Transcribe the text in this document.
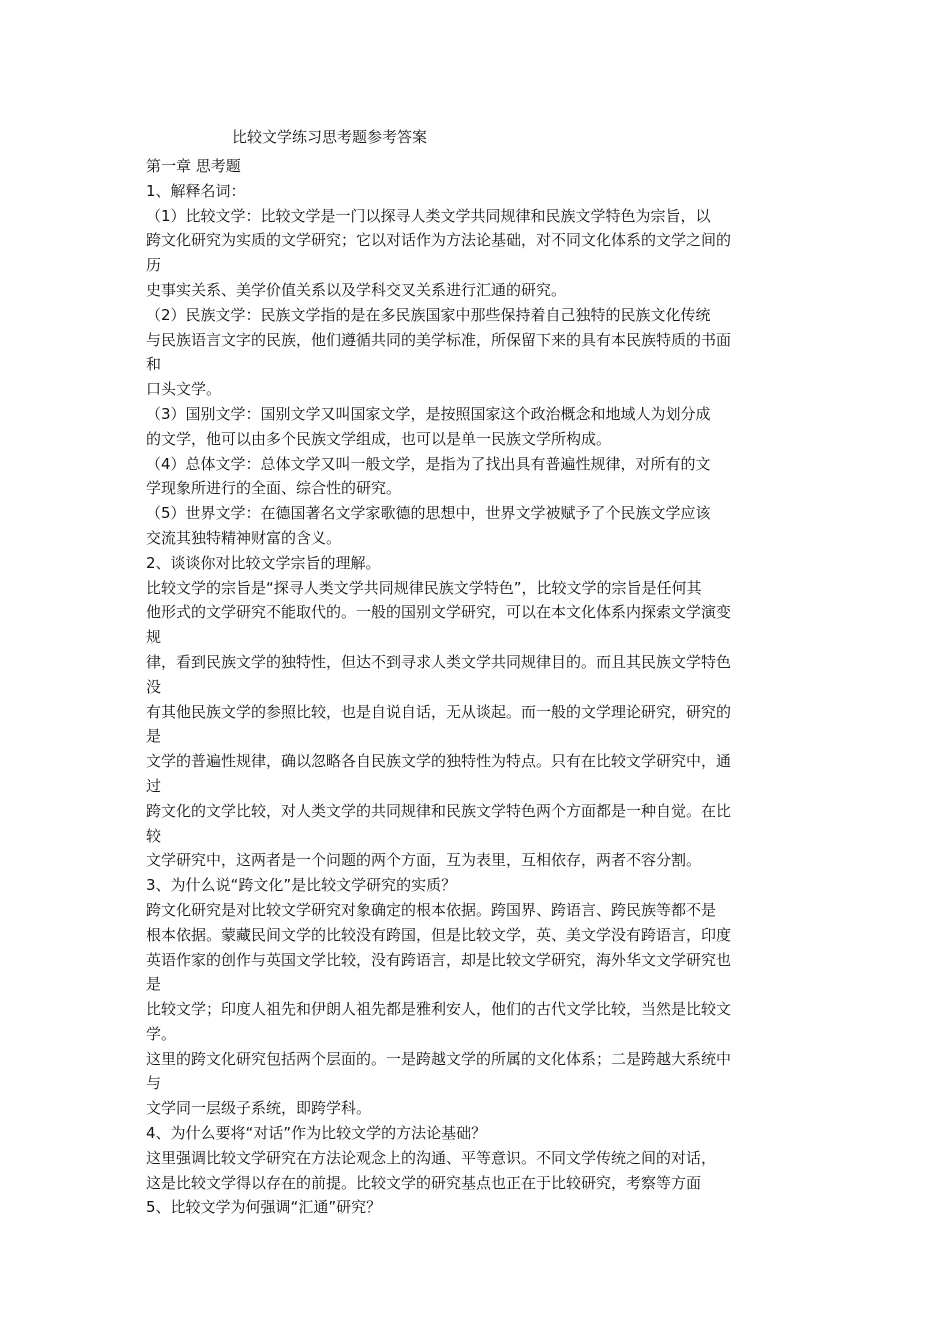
比较文学练习思考题参考答案
第一章 思考题
1、解释名词：
（1）比较文学：比较文学是一门以探寻人类文学共同规律和民族文学特色为宗旨，以
跨文化研究为实质的文学研究；它以对话作为方法论基础，对不同文化体系的文学之间的
历
史事实关系、美学价值关系以及学科交叉关系进行汇通的研究。
（2）民族文学：民族文学指的是在多民族国家中那些保持着自己独特的民族文化传统
与民族语言文字的民族，他们遵循共同的美学标准，所保留下来的具有本民族特质的书面
和
口头文学。
（3）国别文学：国别文学又叫国家文学，是按照国家这个政治概念和地域人为划分成
的文学，他可以由多个民族文学组成，也可以是单一民族文学所构成。
（4）总体文学：总体文学又叫一般文学，是指为了找出具有普遍性规律，对所有的文
学现象所进行的全面、综合性的研究。
（5）世界文学：在德国著名文学家歌德的思想中，世界文学被赋予了个民族文学应该
交流其独特精神财富的含义。
2、谈谈你对比较文学宗旨的理解。
比较文学的宗旨是“探寻人类文学共同规律民族文学特色”，比较文学的宗旨是任何其
他形式的文学研究不能取代的。一般的国别文学研究，可以在本文化体系内探索文学演变
规
律，看到民族文学的独特性，但达不到寻求人类文学共同规律目的。而且其民族文学特色
没
有其他民族文学的参照比较，也是自说自话，无从谈起。而一般的文学理论研究，研究的
是
文学的普遍性规律，确以忽略各自民族文学的独特性为特点。只有在比较文学研究中，通
过
跨文化的文学比较，对人类文学的共同规律和民族文学特色两个方面都是一种自觉。在比
较
文学研究中，这两者是一个问题的两个方面，互为表里，互相依存，两者不容分割。
3、为什么说“跨文化”是比较文学研究的实质？
跨文化研究是对比较文学研究对象确定的根本依据。跨国界、跨语言、跨民族等都不是
根本依据。蒙藏民间文学的比较没有跨国，但是比较文学，英、美文学没有跨语言，印度
英语作家的创作与英国文学比较，没有跨语言，却是比较文学研究，海外华文文学研究也
是
比较文学；印度人祖先和伊朗人祖先都是雅利安人，他们的古代文学比较，当然是比较文
学。
这里的跨文化研究包括两个层面的。一是跨越文学的所属的文化体系；二是跨越大系统中
与
文学同一层级子系统，即跨学科。
4、为什么要将“对话”作为比较文学的方法论基础？
这里强调比较文学研究在方法论观念上的沟通、平等意识。不同文学传统之间的对话，
这是比较文学得以存在的前提。比较文学的研究基点也正在于比较研究，考察等方面
5、比较文学为何强调“汇通”研究？
